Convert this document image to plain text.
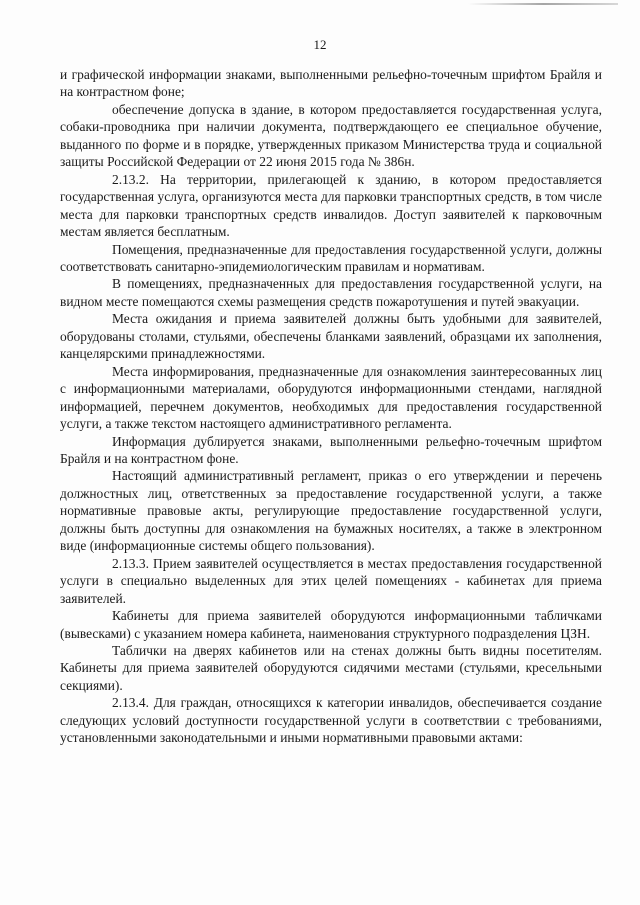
12

и графической информации знаками, выполненными рельефно-точечным шрифтом Брайля и на контрастном фоне;

обеспечение допуска в здание, в котором предоставляется государственная услуга, собаки-проводника при наличии документа, подтверждающего ее специальное обучение, выданного по форме и в порядке, утвержденных приказом Министерства труда и социальной защиты Российской Федерации от 22 июня 2015 года № 386н.

2.13.2. На территории, прилегающей к зданию, в котором предоставляется государственная услуга, организуются места для парковки транспортных средств, в том числе места для парковки транспортных средств инвалидов. Доступ заявителей к парковочным местам является бесплатным.

Помещения, предназначенные для предоставления государственной услуги, должны соответствовать санитарно-эпидемиологическим правилам и нормативам.

В помещениях, предназначенных для предоставления государственной услуги, на видном месте помещаются схемы размещения средств пожаротушения и путей эвакуации.

Места ожидания и приема заявителей должны быть удобными для заявителей, оборудованы столами, стульями, обеспечены бланками заявлений, образцами их заполнения, канцелярскими принадлежностями.

Места информирования, предназначенные для ознакомления заинтересованных лиц с информационными материалами, оборудуются информационными стендами, наглядной информацией, перечнем документов, необходимых для предоставления государственной услуги, а также текстом настоящего административного регламента.

Информация дублируется знаками, выполненными рельефно-точечным шрифтом Брайля и на контрастном фоне.

Настоящий административный регламент, приказ о его утверждении и перечень должностных лиц, ответственных за предоставление государственной услуги, а также нормативные правовые акты, регулирующие предоставление государственной услуги, должны быть доступны для ознакомления на бумажных носителях, а также в электронном виде (информационные системы общего пользования).

2.13.3. Прием заявителей осуществляется в местах предоставления государственной услуги в специально выделенных для этих целей помещениях - кабинетах для приема заявителей.

Кабинеты для приема заявителей оборудуются информационными табличками (вывесками) с указанием номера кабинета, наименования структурного подразделения ЦЗН.

Таблички на дверях кабинетов или на стенах должны быть видны посетителям. Кабинеты для приема заявителей оборудуются сидячими местами (стульями, кресельными секциями).

2.13.4. Для граждан, относящихся к категории инвалидов, обеспечивается создание следующих условий доступности государственной услуги в соответствии с требованиями, установленными законодательными и иными нормативными правовыми актами:
